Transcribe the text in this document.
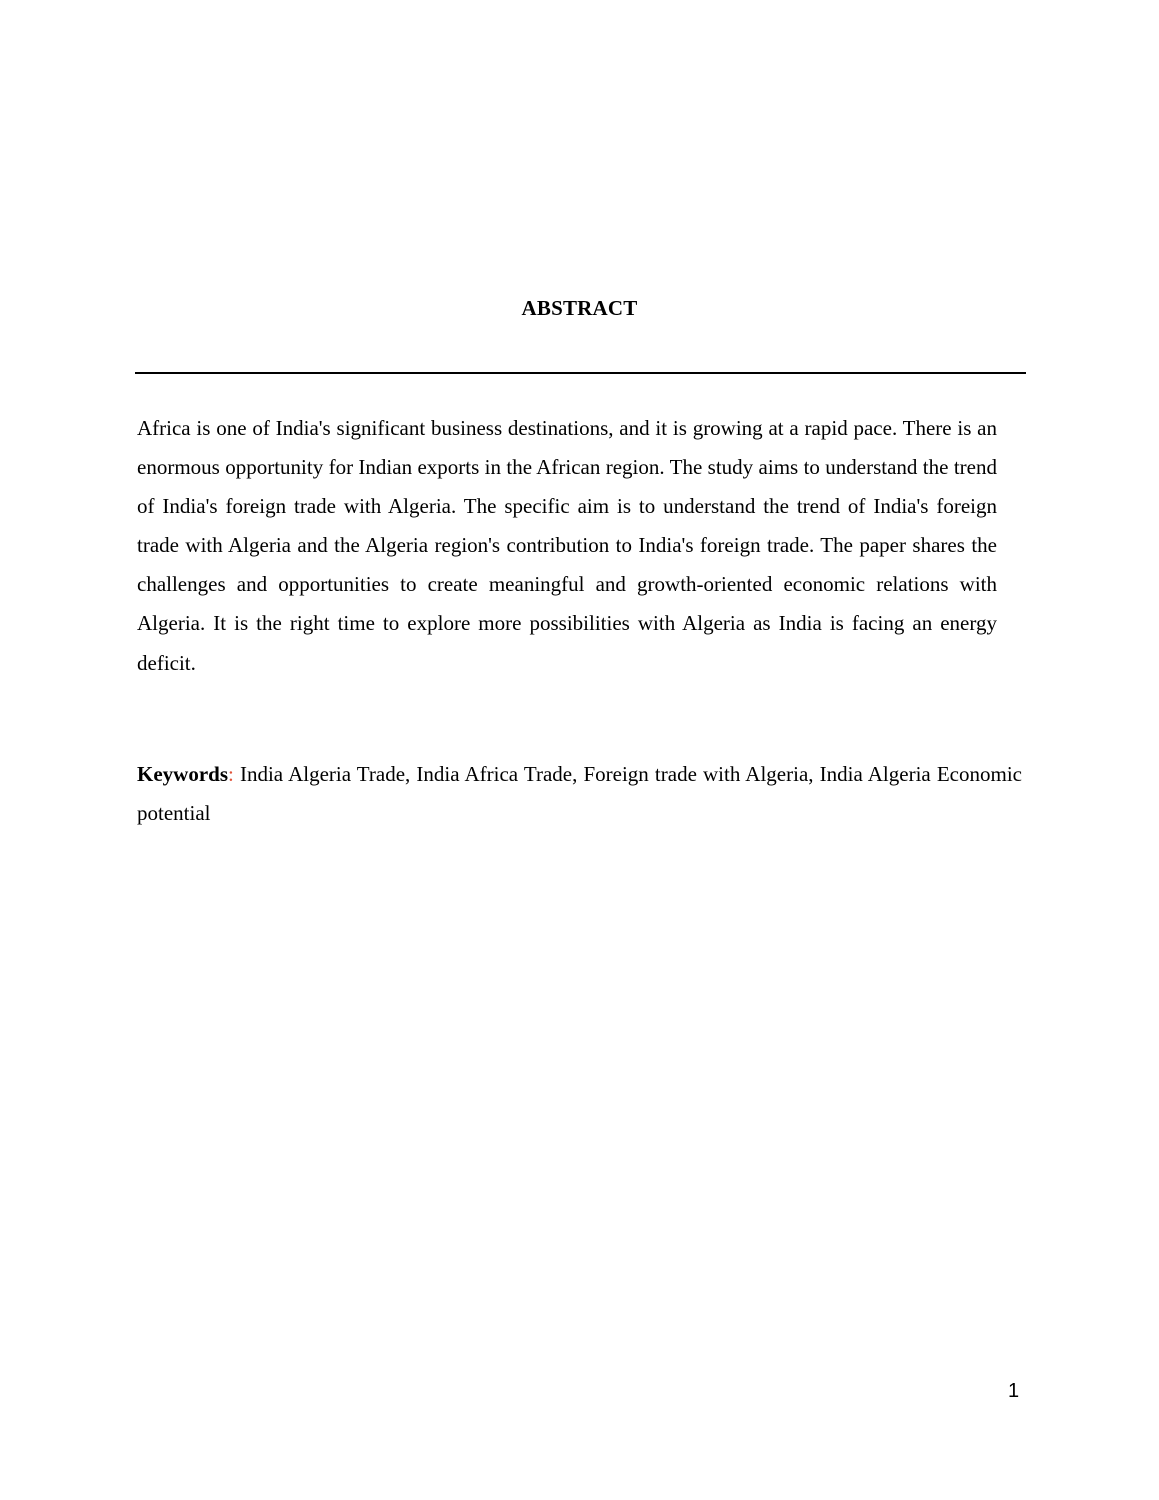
ABSTRACT

Africa is one of India's significant business destinations, and it is growing at a rapid pace. There is an enormous opportunity for Indian exports in the African region. The study aims to understand the trend of India's foreign trade with Algeria. The specific aim is to understand the trend of India's foreign trade with Algeria and the Algeria region's contribution to India's foreign trade. The paper shares the challenges and opportunities to create meaningful and growth-oriented economic relations with Algeria. It is the right time to explore more possibilities with Algeria as India is facing an energy deficit.

Keywords: India Algeria Trade, India Africa Trade, Foreign trade with Algeria, India Algeria Economic potential

1
